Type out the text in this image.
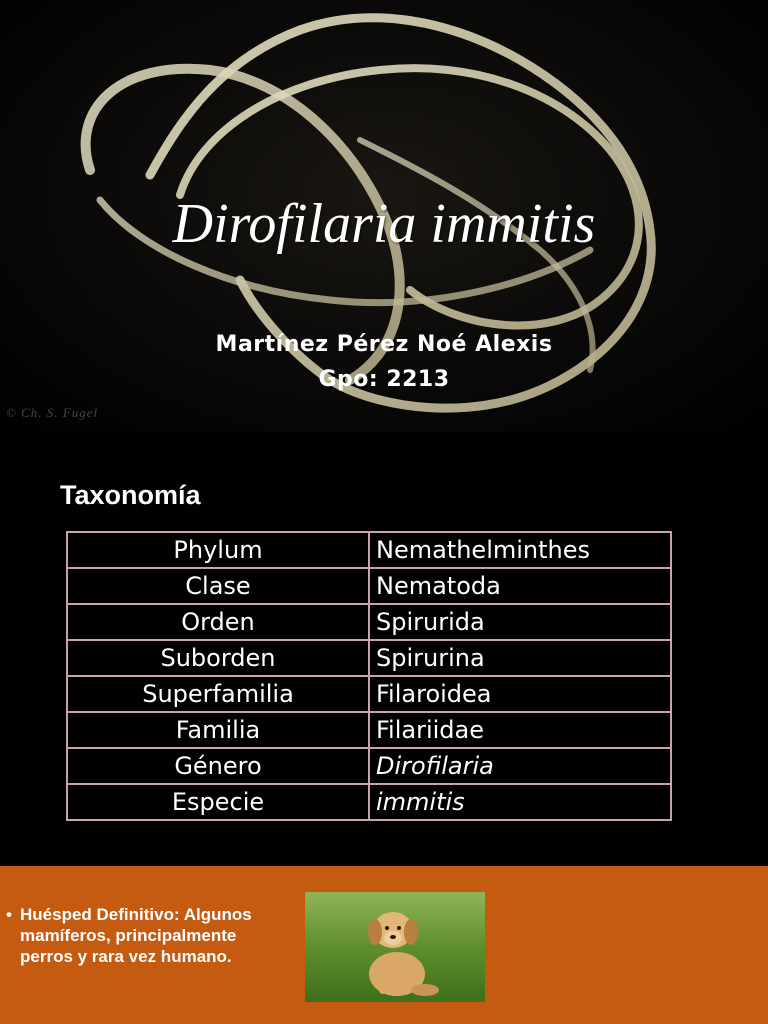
© Ch. S. Fugel
Dirofilaria immitis
Martínez Pérez Noé Alexis
Gpo: 2213
Taxonomía
Phylum	Nemathelminthes
Clase	Nematoda
Orden	Spirurida
Suborden	Spirurina
Superfamilia	Filaroidea
Familia	Filariidae
Género	Dirofilaria
Especie	immitis
• Huésped Definitivo: Algunos mamíferos, principalmente perros y rara vez humano.
